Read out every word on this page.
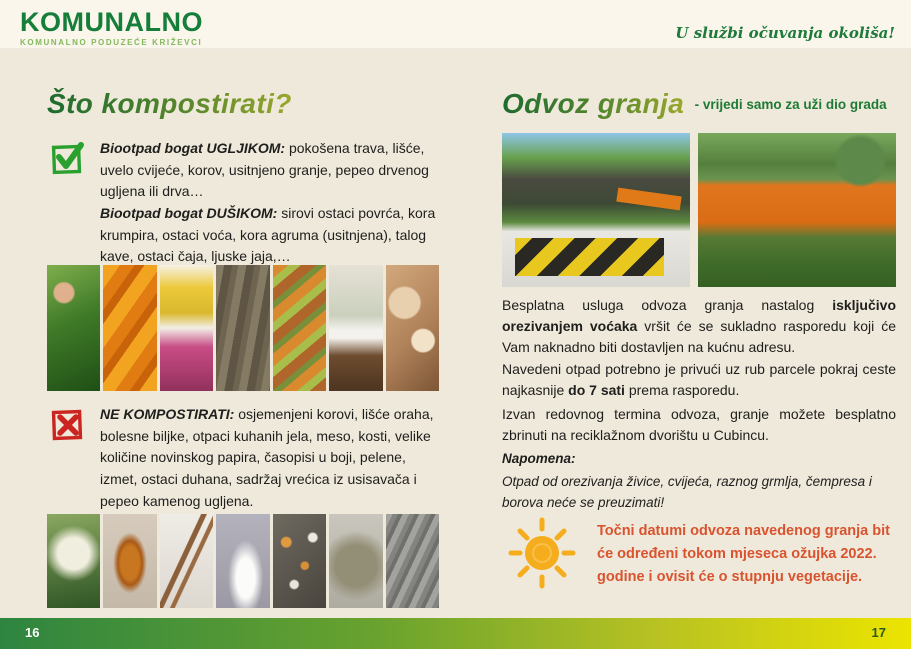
KOMUNALNO
KOMUNALNO PODUZEĆE KRIŽEVCI
U službi očuvanja okoliša!
Što kompostirati?

Biootpad bogat UGLJIKOM: pokošena trava, lišće, uvelo cvijeće, korov, usitnjeno granje, pepeo drvenog ugljena ili drva…

Biootpad bogat DUŠIKOM: sirovi ostaci povrća, kora krumpira, ostaci voća, kora agruma (usitnjena), talog kave, ostaci čaja, ljuske jaja,…

NE KOMPOSTIRATI: osjemenjeni korovi, lišće oraha, bolesne biljke, otpaci kuhanih jela, meso, kosti, velike količine novinskog papira, časopisi u boji, pelene, izmet, ostaci duhana, sadržaj vrećica iz usisavača i pepeo kamenog ugljena.

Odvoz granja $^{- vrijedi samo za uži dio grada}$

Besplatna usluga odvoza granja nastalog isključivo orezivanjem voćaka vršit će se sukladno rasporedu koji će Vam naknadno biti dostavljen na kućnu adresu.

Navedeni otpad potrebno je privući uz rub parcele pokraj ceste najkasnije do 7 sati prema rasporedu.

Izvan redovnog termina odvoza, granje možete besplatno zbrinuti na reciklažnom dvorištu u Cubincu.

Napomena:
Otpad od orezivanja živice, cvijeća, raznog grmlja, čempresa i borova neće se preuzimati!
Točni datumi odvoza navedenog granja bit će određeni tokom mjeseca ožujka 2022. godine i ovisit će o stupnju vegetacije.
16	17
